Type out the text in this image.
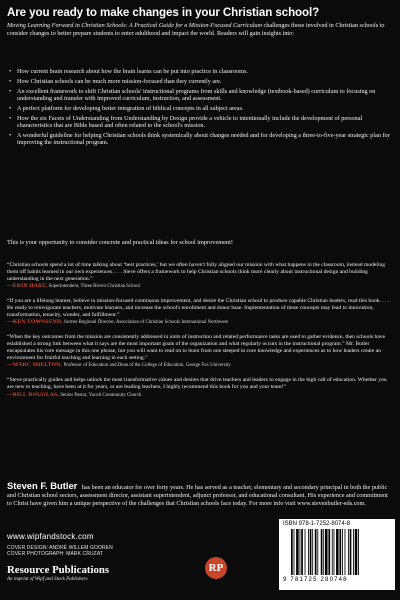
Are you ready to make changes in your Christian school?
Moving Learning Forward in Christian Schools: A Practical Guide for a Mission-Focused Curriculum challenges those involved in Christian schools to consider changes to better prepare students to enter adulthood and impact the world. Readers will gain insights into:
• How current brain research about how the brain learns can be put into practice in classrooms.
• How Christian schools can be much more mission-focused than they currently are.
• An excellent framework to shift Christian schools' instructional programs from skills and knowledge (textbook-based) curriculum to focusing on understanding and transfer with improved curriculum, instruction, and assessment.
• A perfect platform for developing better integration of biblical concepts in all subject areas.
• How the six Facets of Understanding from Understanding by Design provide a vehicle to intentionally include the development of personal characteristics that are Bible based and often related to the school's mission.
• A wonderful guideline for helping Christian schools think systemically about changes needed and for developing a three-to-five-year strategic plan for improving the instructional program.
This is your opportunity to consider concrete and practical ideas for school improvement!
“Christian schools spend a lot of time talking about ‘best practices,’ but we often haven't fully aligned our mission with what happens in the classroom, instead modeling them off habits learned in our own experiences. . . . Steve offers a framework to help Christian schools think more clearly about instructional design and building understanding in the next generation.”
—ERIN HART, Superintendent, Three Rivers Christian School
“If you are a lifelong learner, believe in mission-focused continuous improvement, and desire the Christian school to produce capable Christian leaders, read this book. . . . Be ready to reinvigorate teachers, motivate learners, and increase the school's enrollment and donor base. Implementation of these concepts may lead to innovation, transformation, tenacity, wonder, and fulfillment.”
—KEN TOWNSEND, former Regional Director, Association of Christian Schools International Northwest
“When the key outcomes from the mission are consistently addressed in units of instruction and related performance tasks are used to gather evidence, then schools have established a strong link between what it says are the most important goals of the organization and what regularly occurs in the instructional program.” Mr. Butler encapsulates his core message in this one phrase, but you will want to read on to learn from one steeped in core knowledge and experiences as to how leaders create an environment for fruitful teaching and learning in each setting.”
—MARC SHELTON, Professor of Education and Dean of the College of Education, George Fox University
“Steve practically guides and helps unlock the most transformative values and desires that drive teachers and leaders to engage in the high call of education. Whether you are new to teaching, have been at it for years, or are leading teachers, I highly recommend this book for you and your team!”
—BILL DOUGLAS, Senior Pastor, Yacolt Community Church
Steven F. Butler has been an educator for over forty years. He has served as a teacher, elementary and secondary principal in both the public and Christian school sectors, assessment director, assistant superintendent, adjunct professor, and educational consultant. His experience and commitment to Christ have given him a unique perspective of the challenges that Christian schools face today. For more info visit www.stevenbutler-eds.com.
www.wipfandstock.com
COVER DESIGN: ANDRÉ WILLEM GOOREN
COVER PHOTOGRAPH: MARK CRUZAT
Resource Publications
An imprint of Wipf and Stock Publishers
RP
ISBN 978-1-7252-8074-8
9 781725 280748
